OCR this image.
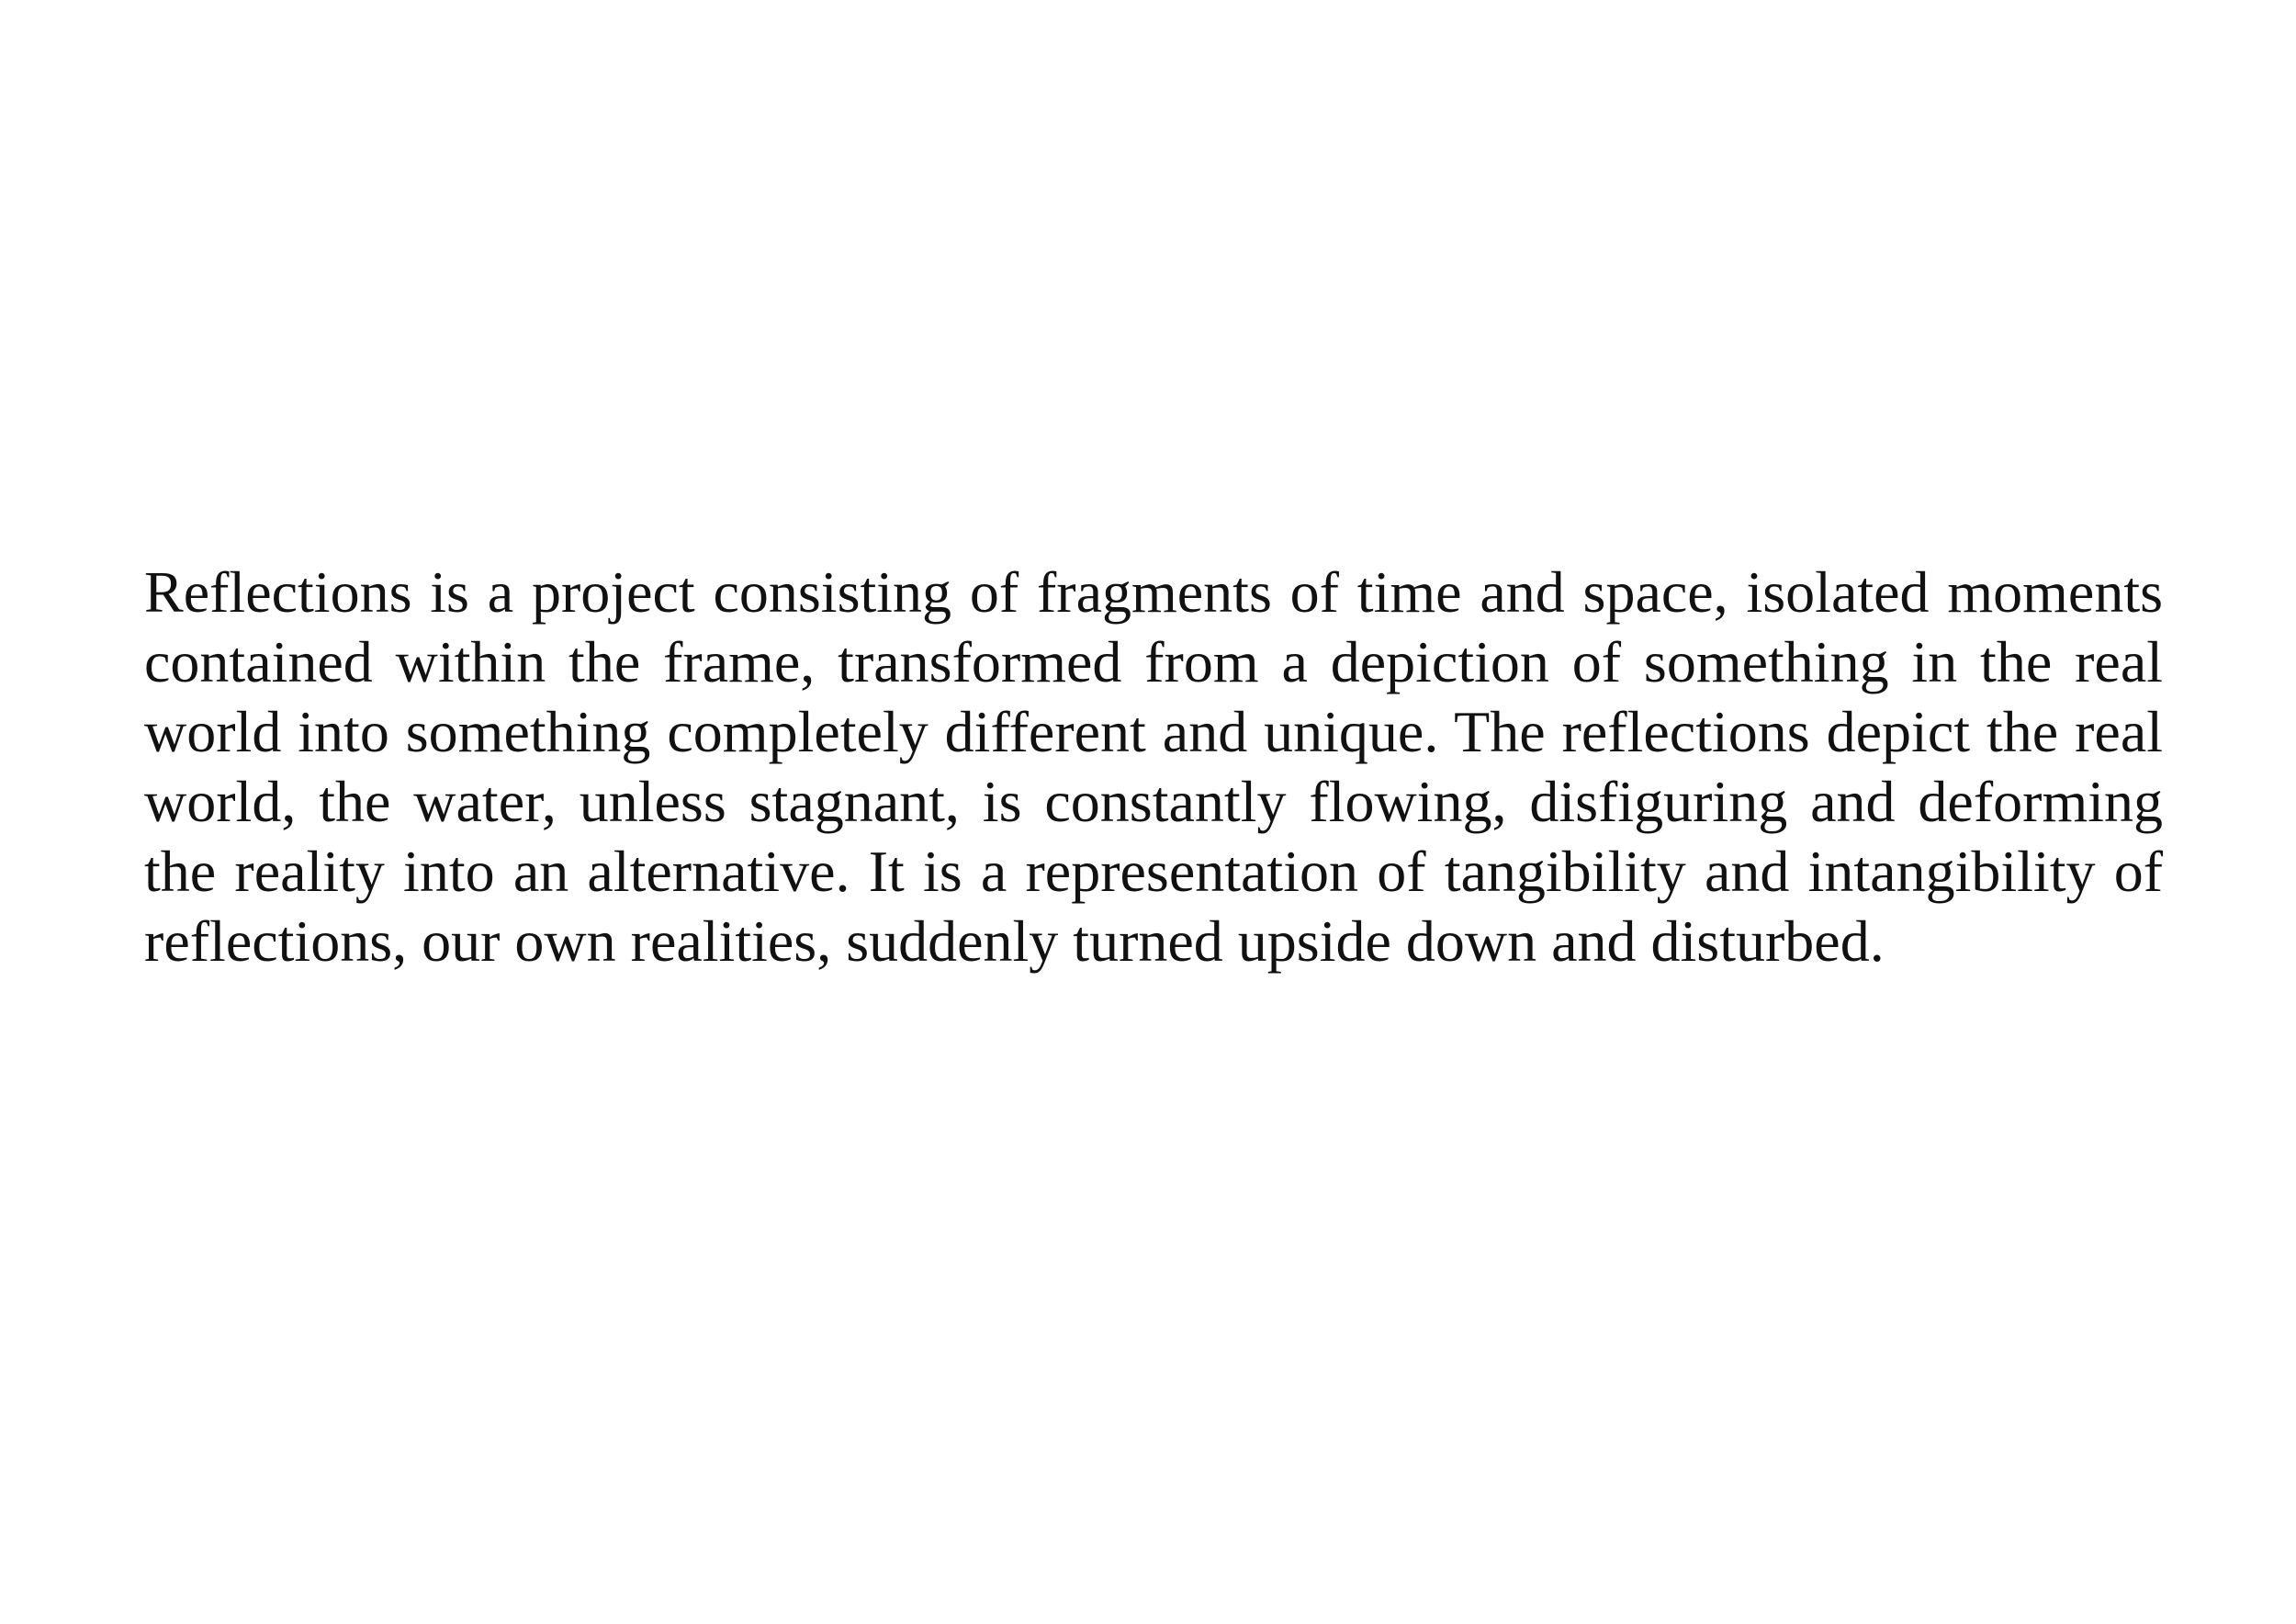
Reflections is a project consisting of fragments of time and space, isolated moments contained within the frame, transformed from a depiction of something in the real world into something completely different and unique. The reflections depict the real world, the water, unless stagnant, is constantly flowing, disfiguring and deforming the reality into an alternative. It is a representation of tangibility and intangibility of reflections, our own realities, suddenly turned upside down and disturbed.
